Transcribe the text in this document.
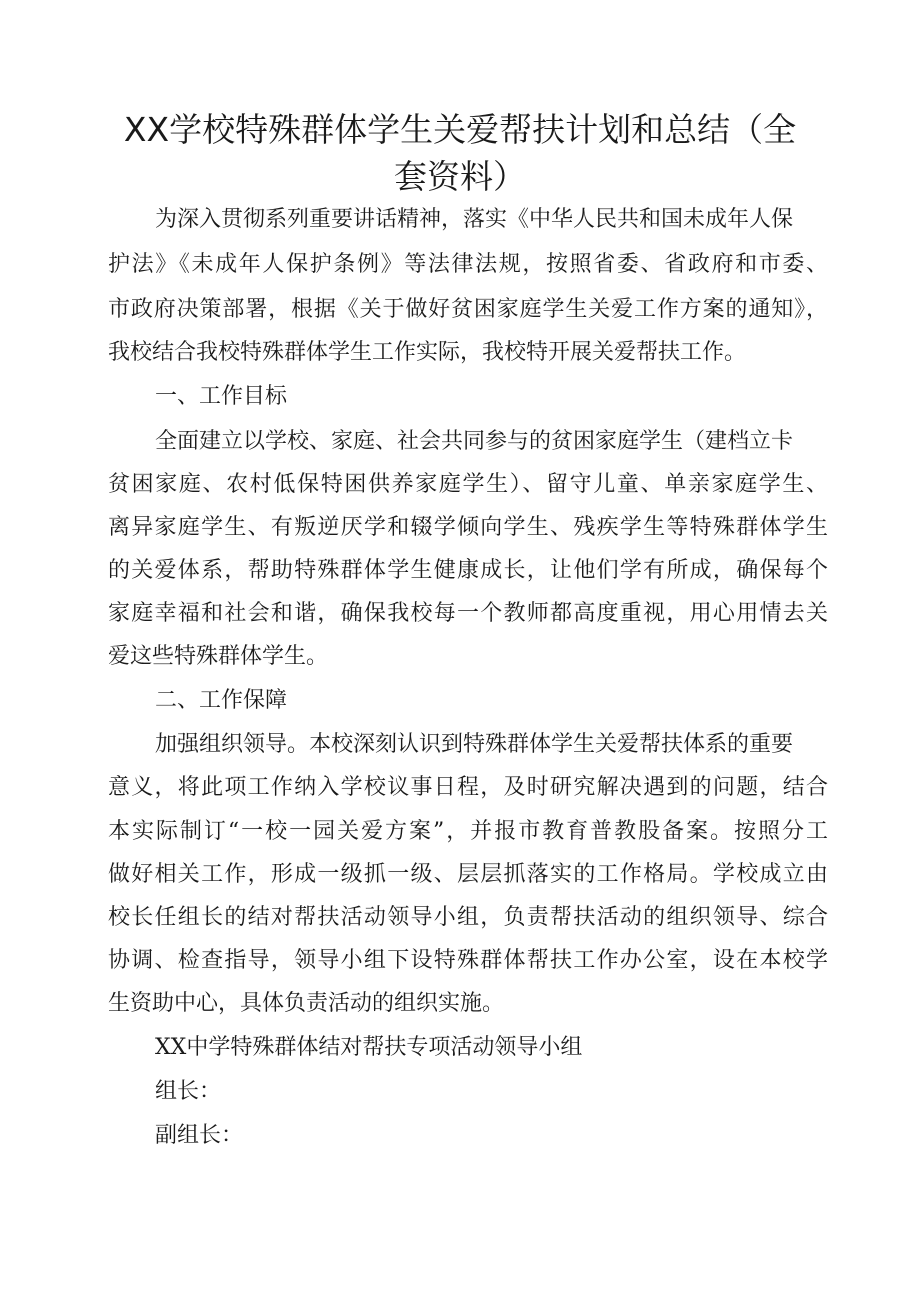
XX学校特殊群体学生关爱帮扶计划和总结（全
套资料）

为深入贯彻系列重要讲话精神，落实《中华人民共和国未成年人保

护法》《未成年人保护条例》等法律法规，按照省委、省政府和市委、

市政府决策部署，根据《关于做好贫困家庭学生关爱工作方案的通知》，

我校结合我校特殊群体学生工作实际，我校特开展关爱帮扶工作。

一、工作目标

全面建立以学校、家庭、社会共同参与的贫困家庭学生（建档立卡

贫困家庭、农村低保特困供养家庭学生）、留守儿童、单亲家庭学生、

离异家庭学生、有叛逆厌学和辍学倾向学生、残疾学生等特殊群体学生

的关爱体系，帮助特殊群体学生健康成长，让他们学有所成，确保每个

家庭幸福和社会和谐，确保我校每一个教师都高度重视，用心用情去关

爱这些特殊群体学生。

二、工作保障

加强组织领导。本校深刻认识到特殊群体学生关爱帮扶体系的重要

意义，将此项工作纳入学校议事日程，及时研究解决遇到的问题，结合

本实际制订“一校一园关爱方案”，并报市教育普教股备案。按照分工

做好相关工作，形成一级抓一级、层层抓落实的工作格局。学校成立由

校长任组长的结对帮扶活动领导小组，负责帮扶活动的组织领导、综合

协调、检查指导，领导小组下设特殊群体帮扶工作办公室，设在本校学

生资助中心，具体负责活动的组织实施。

XX中学特殊群体结对帮扶专项活动领导小组

组长：

副组长：
